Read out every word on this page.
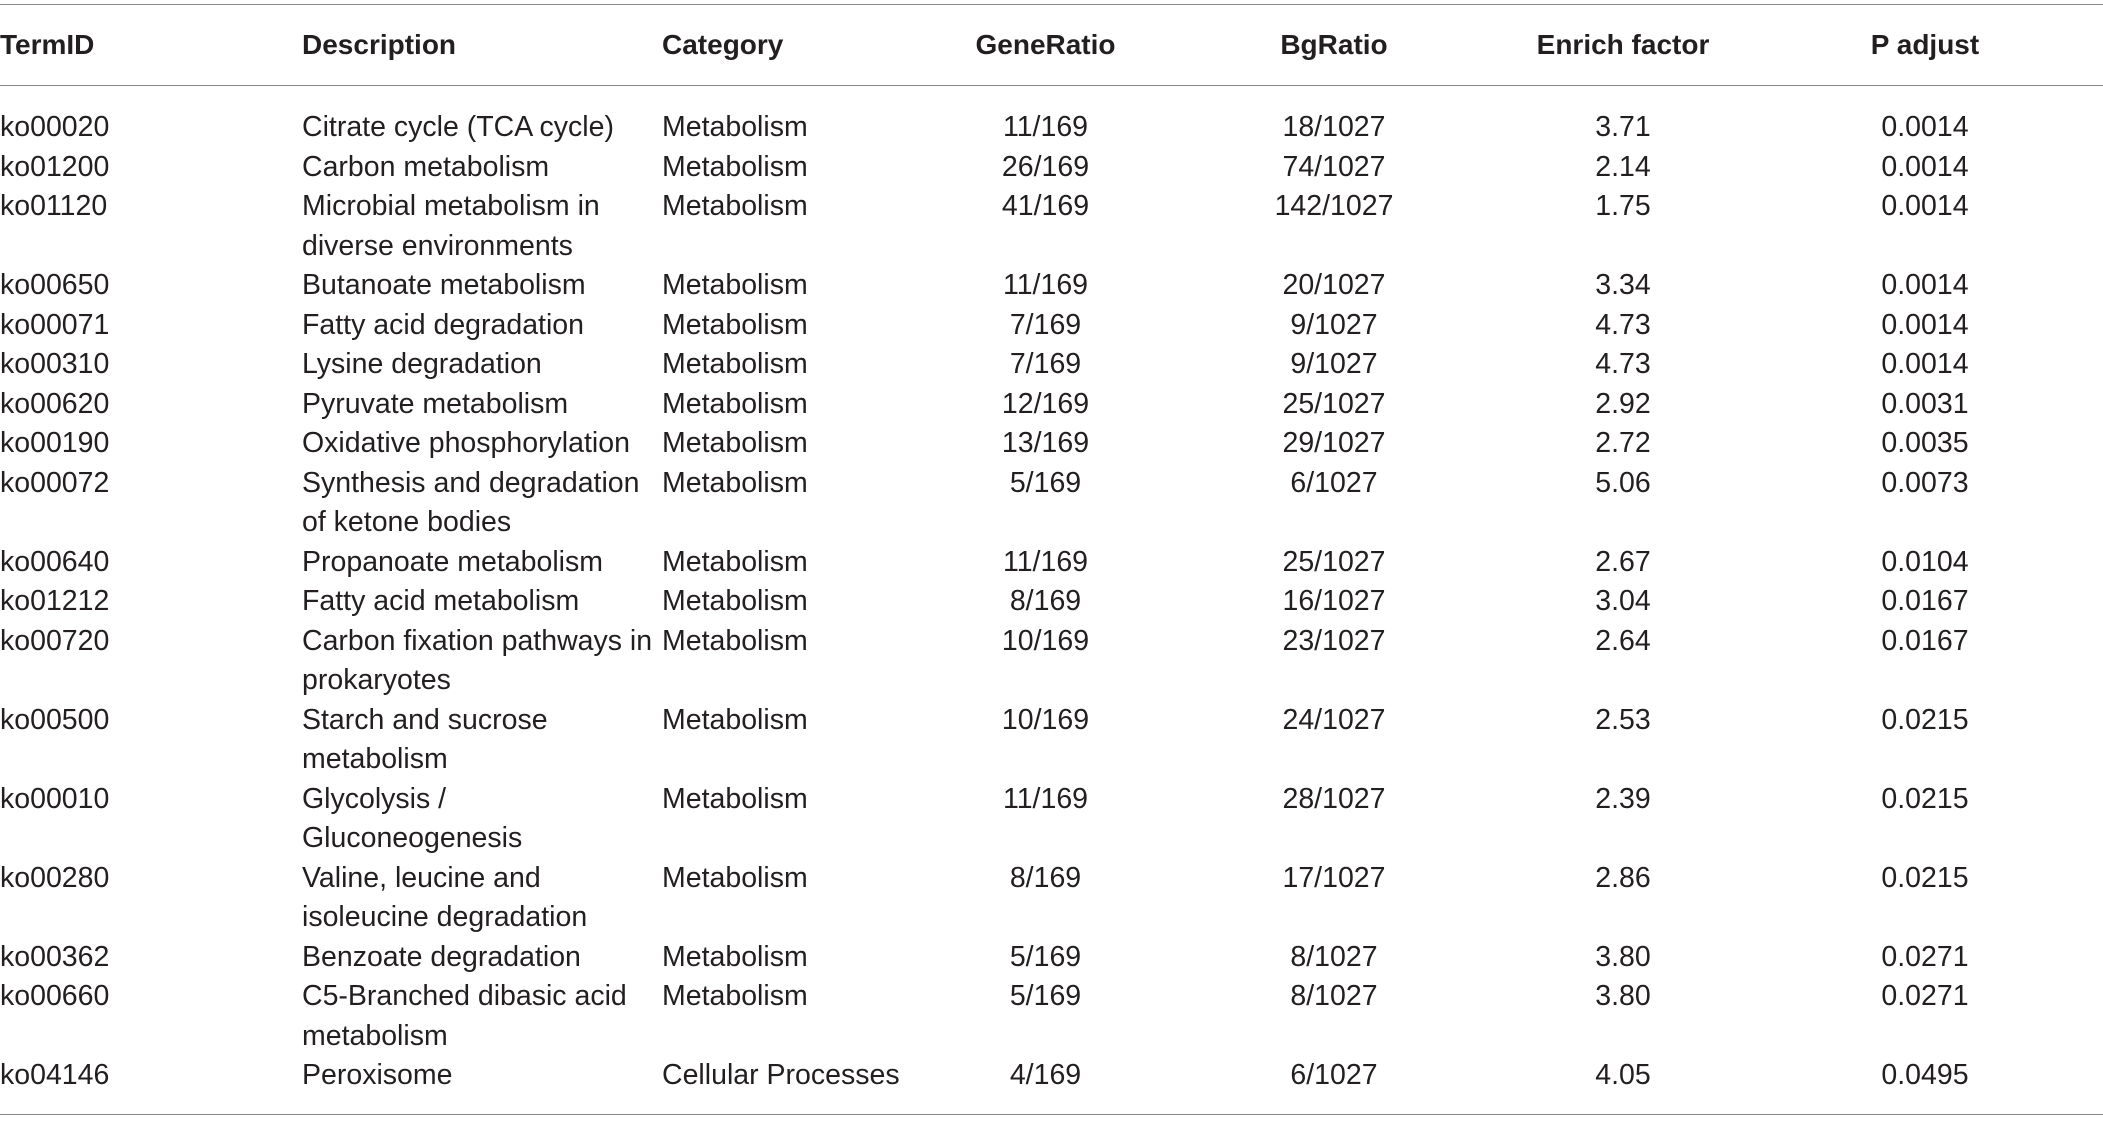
TermID	Description	Category	GeneRatio	BgRatio	Enrich factor	P adjust
ko00020	Citrate cycle (TCA cycle)	Metabolism	11/169	18/1027	3.71	0.0014
ko01200	Carbon metabolism	Metabolism	26/169	74/1027	2.14	0.0014
ko01120	Microbial metabolism in diverse environments	Metabolism	41/169	142/1027	1.75	0.0014
ko00650	Butanoate metabolism	Metabolism	11/169	20/1027	3.34	0.0014
ko00071	Fatty acid degradation	Metabolism	7/169	9/1027	4.73	0.0014
ko00310	Lysine degradation	Metabolism	7/169	9/1027	4.73	0.0014
ko00620	Pyruvate metabolism	Metabolism	12/169	25/1027	2.92	0.0031
ko00190	Oxidative phosphorylation	Metabolism	13/169	29/1027	2.72	0.0035
ko00072	Synthesis and degradation of ketone bodies	Metabolism	5/169	6/1027	5.06	0.0073
ko00640	Propanoate metabolism	Metabolism	11/169	25/1027	2.67	0.0104
ko01212	Fatty acid metabolism	Metabolism	8/169	16/1027	3.04	0.0167
ko00720	Carbon fixation pathways in prokaryotes	Metabolism	10/169	23/1027	2.64	0.0167
ko00500	Starch and sucrose metabolism	Metabolism	10/169	24/1027	2.53	0.0215
ko00010	Glycolysis / Gluconeogenesis	Metabolism	11/169	28/1027	2.39	0.0215
ko00280	Valine, leucine and isoleucine degradation	Metabolism	8/169	17/1027	2.86	0.0215
ko00362	Benzoate degradation	Metabolism	5/169	8/1027	3.80	0.0271
ko00660	C5-Branched dibasic acid metabolism	Metabolism	5/169	8/1027	3.80	0.0271
ko04146	Peroxisome	Cellular Processes	4/169	6/1027	4.05	0.0495
